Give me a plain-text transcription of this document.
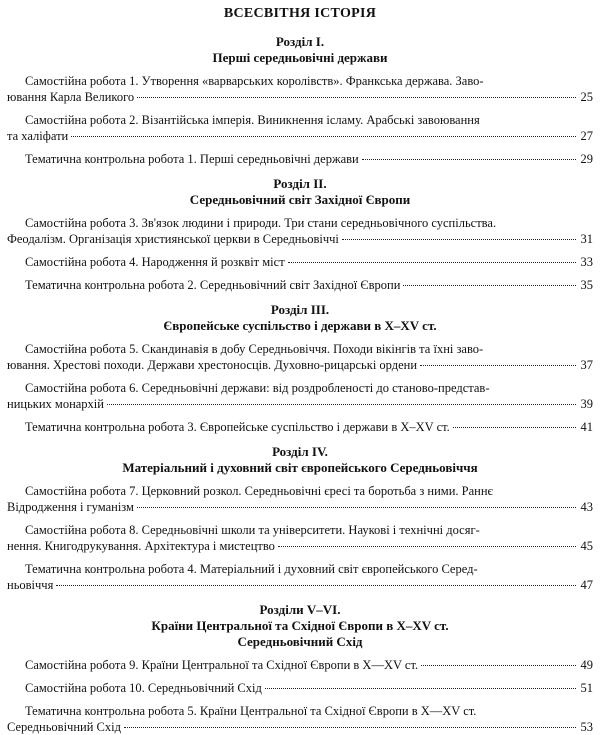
ВСЕСВІТНЯ ІСТОРІЯ
Розділ I.
Перші середньовічні держави
Самостійна робота 1. Утворення «варварських королівств». Франкська держава. Заво-
ювання Карла Великого	25
Самостійна робота 2. Візантійська імперія. Виникнення ісламу. Арабські завоювання
та халіфати	27
Тематична контрольна робота 1. Перші середньовічні держави	29
Розділ II.
Середньовічний світ Західної Європи
Самостійна робота 3. Зв'язок людини і природи. Три стани середньовічного суспільства.
Феодалізм. Організація християнської церкви в Середньовіччі	31
Самостійна робота 4. Народження й розквіт міст	33
Тематична контрольна робота 2. Середньовічний світ Західної Європи	35
Розділ III.
Європейське суспільство і держави в X–XV ст.
Самостійна робота 5. Скандинавія в добу Середньовіччя. Походи вікінгів та їхні заво-
ювання. Хрестові походи. Держави хрестоносців. Духовно-рицарські ордени	37
Самостійна робота 6. Середньовічні держави: від роздробленості до станово-представ-
ницьких монархій	39
Тематична контрольна робота 3. Європейське суспільство і держави в X–XV ст.	41
Розділ IV.
Матеріальний і духовний світ європейського Середньовіччя
Самостійна робота 7. Церковний розкол. Середньовічні єресі та боротьба з ними. Раннє
Відродження і гуманізм	43
Самостійна робота 8. Середньовічні школи та університети. Наукові і технічні досяг-
нення. Книгодрукування. Архітектура і мистецтво	45
Тематична контрольна робота 4. Матеріальний і духовний світ європейського Серед-
ньовіччя	47
Розділи V–VI.
Країни Центральної та Східної Європи в X–XV ст.
Середньовічний Схід
Самостійна робота 9. Країни Центральної та Східної Європи в X—XV ст.	49
Самостійна робота 10. Середньовічний Схід	51
Тематична контрольна робота 5. Країни Центральної та Східної Європи в X—XV ст.
Середньовічний Схід	53
